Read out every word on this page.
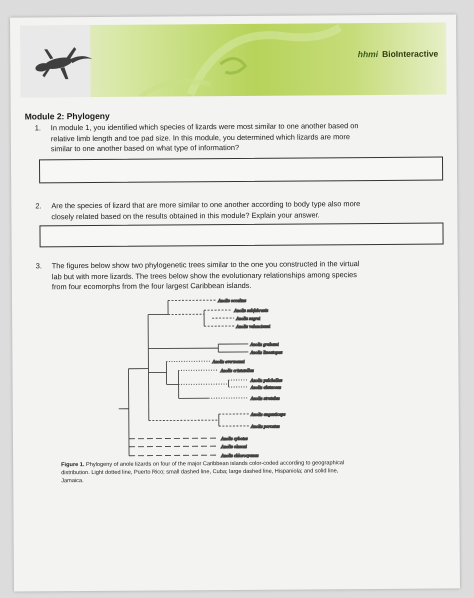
hhmi BioInteractive
Module 2: Phylogeny
1. In module 1, you identified which species of lizards were most similar to one another based on
relative limb length and toe pad size. In this module, you determined which lizards are more
similar to one another based on what type of information?
2. Are the species of lizard that are more similar to one another according to body type also more
closely related based on the results obtained in this module? Explain your answer.
3. The figures below show two phylogenetic trees similar to the one you constructed in the virtual
lab but with more lizards. The trees below show the evolutionary relationships among species
from four ecomorphs from the four largest Caribbean islands.
Anolis occultus
Anolis sabfabrasis
Anolis sagrei
Anolis valencienni
Anolis grahami
Anolis lineatopus
Anolis evermanni
Anolis cristatellus
Anolis pulchellus
Anolis alutaceus
Anolis stratulus
Anolis angusticeps
Anolis porcatus
Anolis cybotes
Anolis olssoni
Anolis chlorocyanus
Figure 1. Phylogeny of anole lizards on four of the major Caribbean islands color-coded according to geographical
distribution. Light dotted line, Puerto Rico; small dashed line, Cuba; large dashed line, Hispaniola; and solid line,
Jamaica.
